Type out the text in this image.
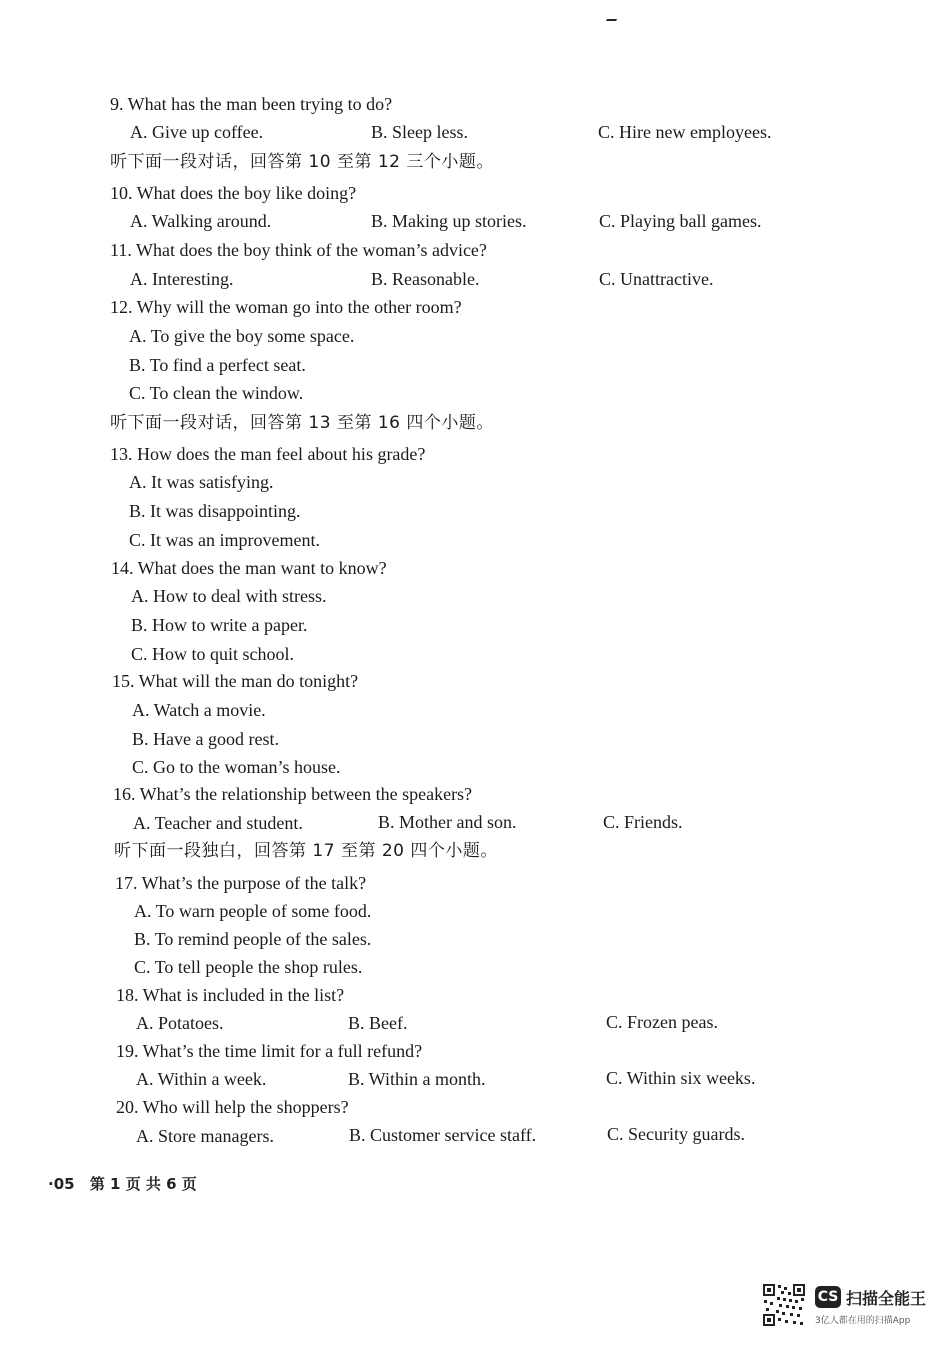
9. What has the man been trying to do?
A. Give up coffee.	B. Sleep less.	C. Hire new employees.
听下面一段对话，回答第 10 至第 12 三个小题。
10. What does the boy like doing?
A. Walking around.	B. Making up stories.	C. Playing ball games.
11. What does the boy think of the woman’s advice?
A. Interesting.	B. Reasonable.	C. Unattractive.
12. Why will the woman go into the other room?
A. To give the boy some space.
B. To find a perfect seat.
C. To clean the window.
听下面一段对话，回答第 13 至第 16 四个小题。
13. How does the man feel about his grade?
A. It was satisfying.
B. It was disappointing.
C. It was an improvement.
14. What does the man want to know?
A. How to deal with stress.
B. How to write a paper.
C. How to quit school.
15. What will the man do tonight?
A. Watch a movie.
B. Have a good rest.
C. Go to the woman’s house.
16. What’s the relationship between the speakers?
A. Teacher and student.	B. Mother and son.	C. Friends.
听下面一段独白，回答第 17 至第 20 四个小题。
17. What’s the purpose of the talk?
A. To warn people of some food.
B. To remind people of the sales.
C. To tell people the shop rules.
18. What is included in the list?
A. Potatoes.	B. Beef.	C. Frozen peas.
19. What’s the time limit for a full refund?
A. Within a week.	B. Within a month.	C. Within six weeks.
20. Who will help the shoppers?
A. Store managers.	B. Customer service staff.	C. Security guards.
·05 第 1 页 共 6 页
CS 扫描全能王
3亿人都在用的扫描App
